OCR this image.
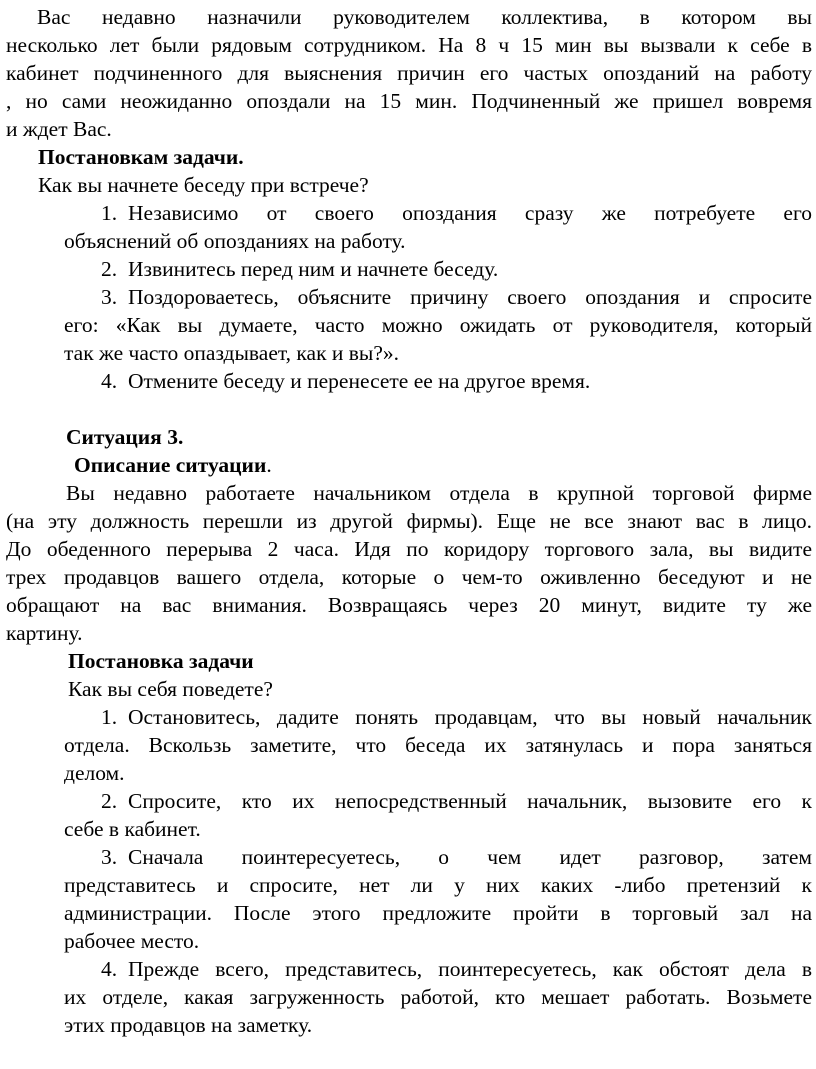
Вас недавно назначили руководителем коллектива, в котором вы
несколько лет были рядовым сотрудником. На 8 ч 15 мин вы вызвали к себе в
кабинет подчиненного для выяснения причин его частых опозданий на работу
, но сами неожиданно опоздали на 15 мин. Подчиненный же пришел вовремя
и ждет Вас.
Постановкам задачи.
Как вы начнете беседу при встрече?
1. Независимо от своего опоздания сразу же потребуете его
объяснений об опозданиях на работу.
2. Извинитесь перед ним и начнете беседу.
3. Поздороваетесь, объясните причину своего опоздания и спросите
его: «Как вы думаете, часто можно ожидать от руководителя, который
так же часто опаздывает, как и вы?».
4. Отмените беседу и перенесете ее на другое время.
Ситуация 3.
Описание ситуации.
Вы недавно работаете начальником отдела в крупной торговой фирме
(на эту должность перешли из другой фирмы). Еще не все знают вас в лицо.
До обеденного перерыва 2 часа. Идя по коридору торгового зала, вы видите
трех продавцов вашего отдела, которые о чем-то оживленно беседуют и не
обращают на вас внимания. Возвращаясь через 20 минут, видите ту же
картину.
Постановка задачи
Как вы себя поведете?
1. Остановитесь, дадите понять продавцам, что вы новый начальник
отдела. Вскользь заметите, что беседа их затянулась и пора заняться
делом.
2. Спросите, кто их непосредственный начальник, вызовите его к
себе в кабинет.
3. Сначала поинтересуетесь, о чем идет разговор, затем
представитесь и спросите, нет ли у них каких -либо претензий к
администрации. После этого предложите пройти в торговый зал на
рабочее место.
4. Прежде всего, представитесь, поинтересуетесь, как обстоят дела в
их отделе, какая загруженность работой, кто мешает работать. Возьмете
этих продавцов на заметку.
